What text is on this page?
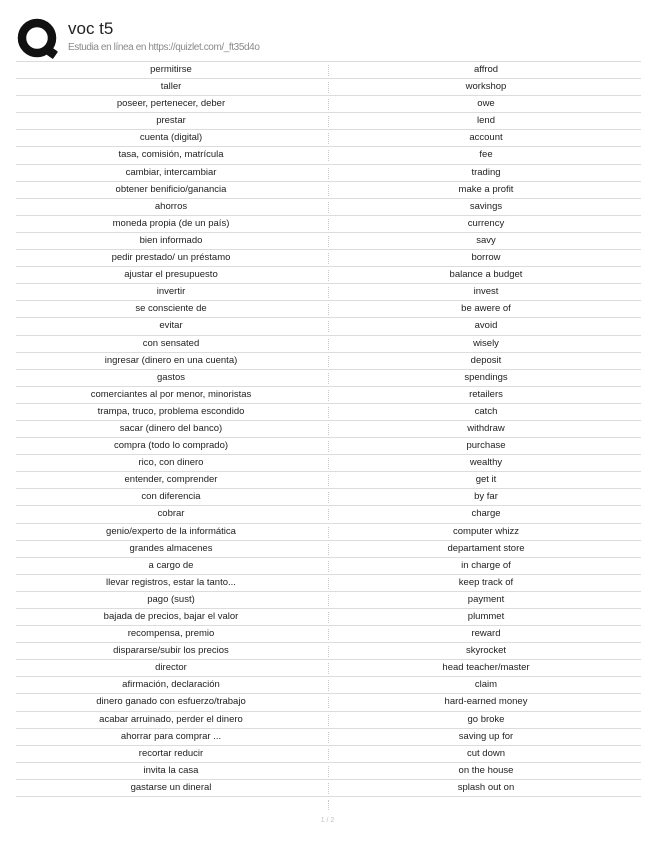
voc t5
Estudia en línea en https://quizlet.com/_ft35d4o
permitirse	affrod
taller	workshop
poseer, pertenecer, deber	owe
prestar	lend
cuenta (digital)	account
tasa, comisión, matrícula	fee
cambiar, intercambiar	trading
obtener benificio/ganancia	make a profit
ahorros	savings
moneda propia (de un país)	currency
bien informado	savy
pedir prestado/ un préstamo	borrow
ajustar el presupuesto	balance a budget
invertir	invest
se consciente de	be awere of
evitar	avoid
con sensated	wisely
ingresar (dinero en una cuenta)	deposit
gastos	spendings
comerciantes al por menor, minoristas	retailers
trampa, truco, problema escondido	catch
sacar (dinero del banco)	withdraw
compra (todo lo comprado)	purchase
rico, con dinero	wealthy
entender, comprender	get it
con diferencia	by far
cobrar	charge
genio/experto de la informática	computer whizz
grandes almacenes	departament store
a cargo de	in charge of
llevar registros, estar la tanto...	keep track of
pago (sust)	payment
bajada de precios, bajar el valor	plummet
recompensa, premio	reward
dispararse/subir los precios	skyrocket
director	head teacher/master
afirmación, declaración	claim
dinero ganado con esfuerzo/trabajo	hard-earned money
acabar arruinado, perder el dinero	go broke
ahorrar para comprar ...	saving up for
recortar reducir	cut down
invita la casa	on the house
gastarse un dineral	splash out on
1 / 2
